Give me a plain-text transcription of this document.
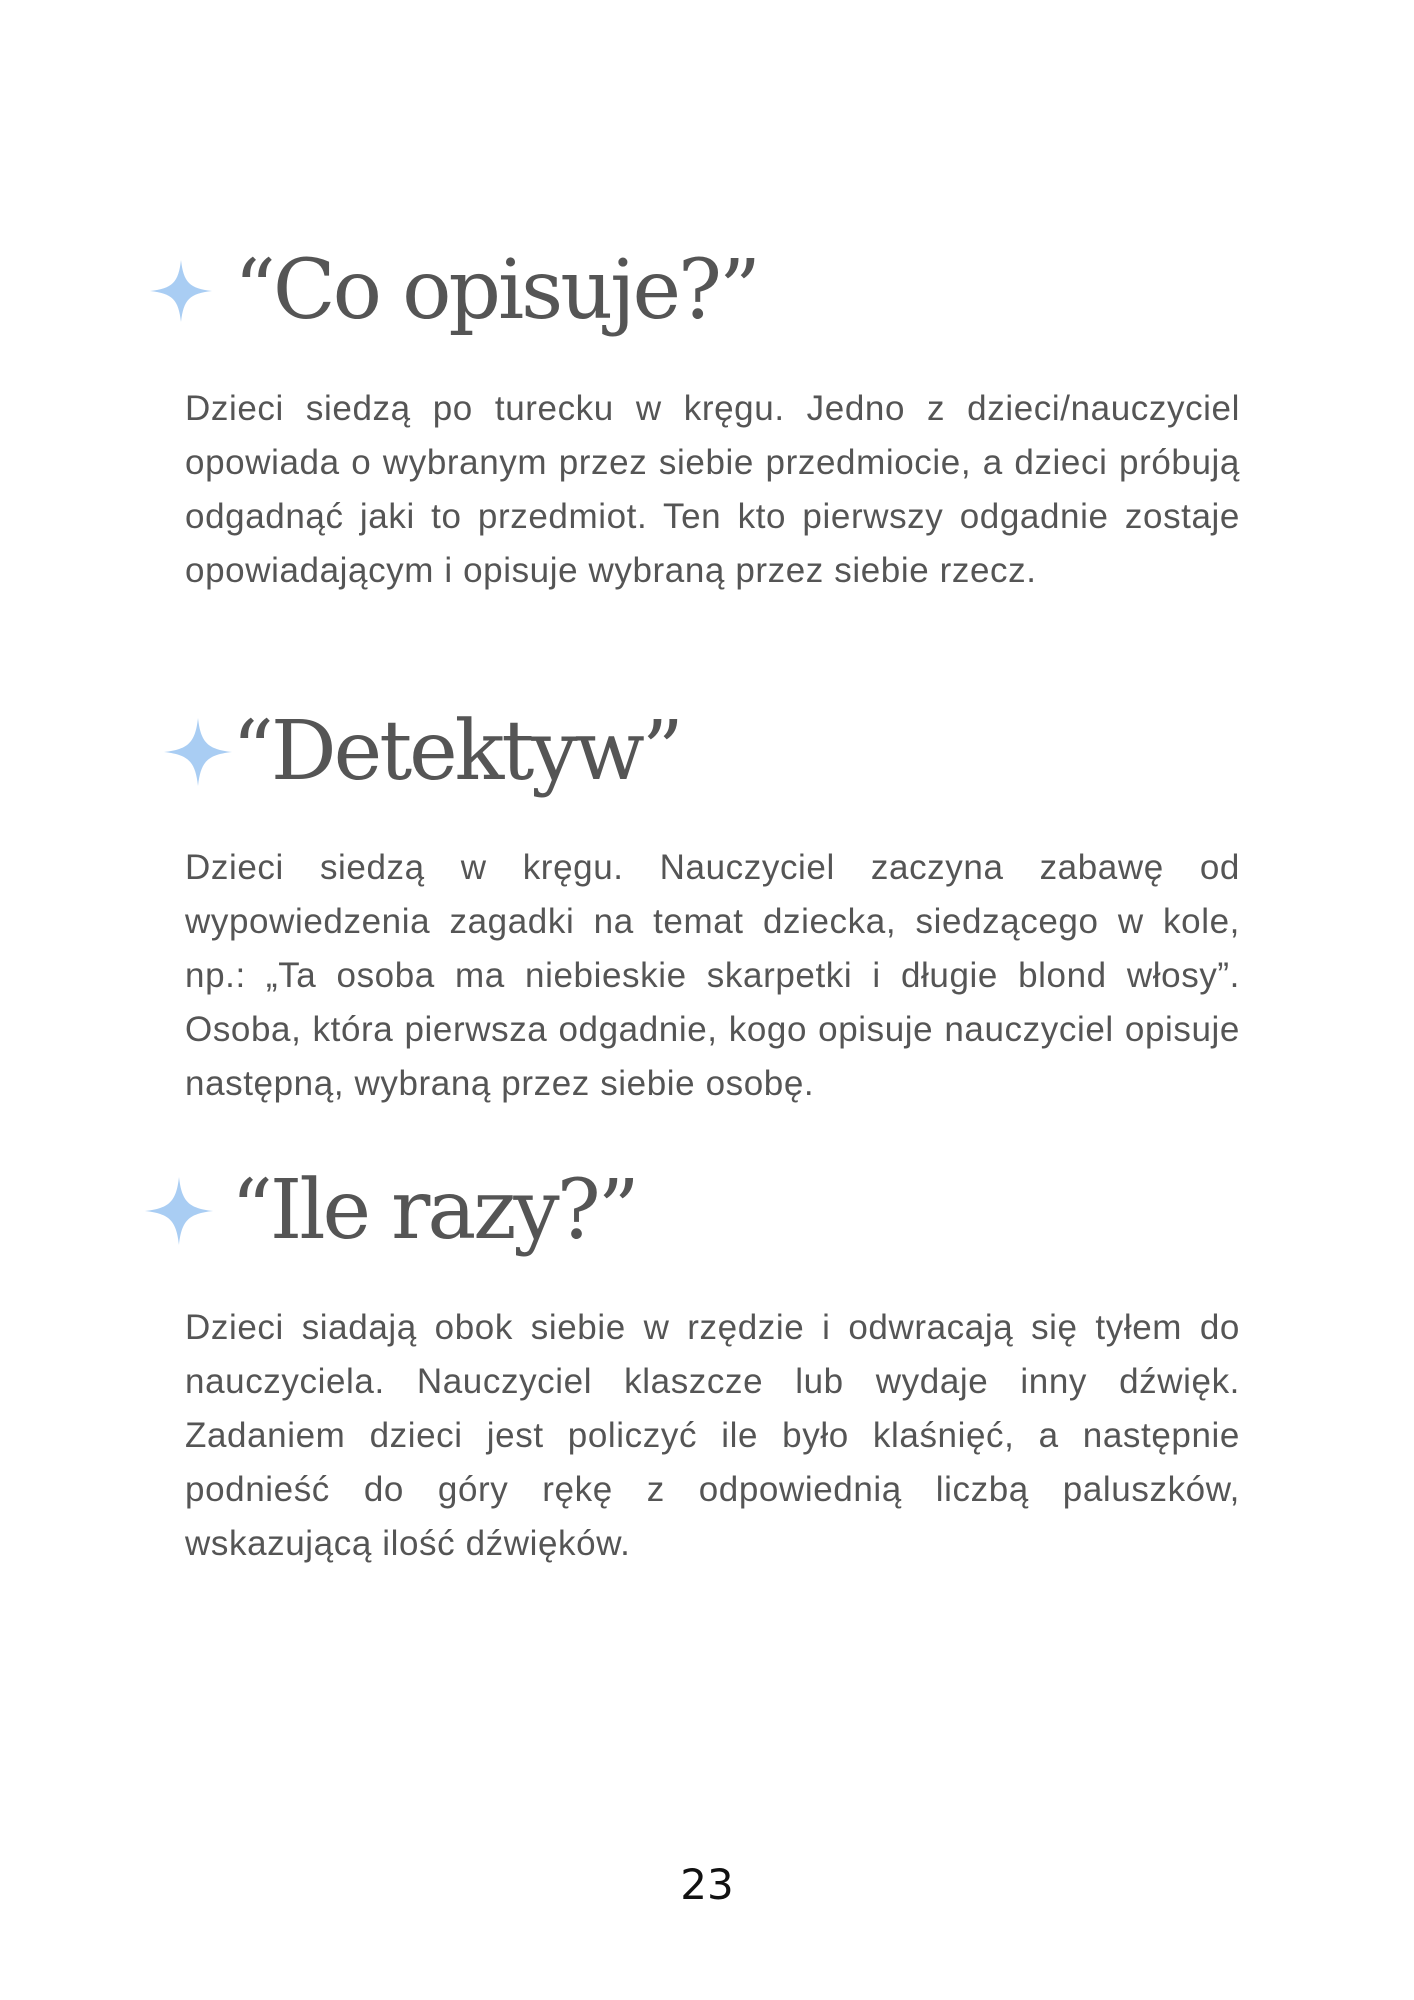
“Co opisuje?”

Dzieci siedzą po turecku w kręgu. Jedno z dzieci/nauczyciel opowiada o wybranym przez siebie przedmiocie, a dzieci próbują odgadnąć jaki to przedmiot. Ten kto pierwszy odgadnie zostaje opowiadającym i opisuje wybraną przez siebie rzecz.

“Detektyw”

Dzieci siedzą w kręgu. Nauczyciel zaczyna zabawę od wypowiedzenia zagadki na temat dziecka, siedzącego w kole, np.: „Ta osoba ma niebieskie skarpetki i długie blond włosy”. Osoba, która pierwsza odgadnie, kogo opisuje nauczyciel opisuje następną, wybraną przez siebie osobę.

“Ile razy?”

Dzieci siadają obok siebie w rzędzie i odwracają się tyłem do nauczyciela. Nauczyciel klaszcze lub wydaje inny dźwięk. Zadaniem dzieci jest policzyć ile było klaśnięć, a następnie podnieść do góry rękę z odpowiednią liczbą paluszków, wskazującą ilość dźwięków.

23
